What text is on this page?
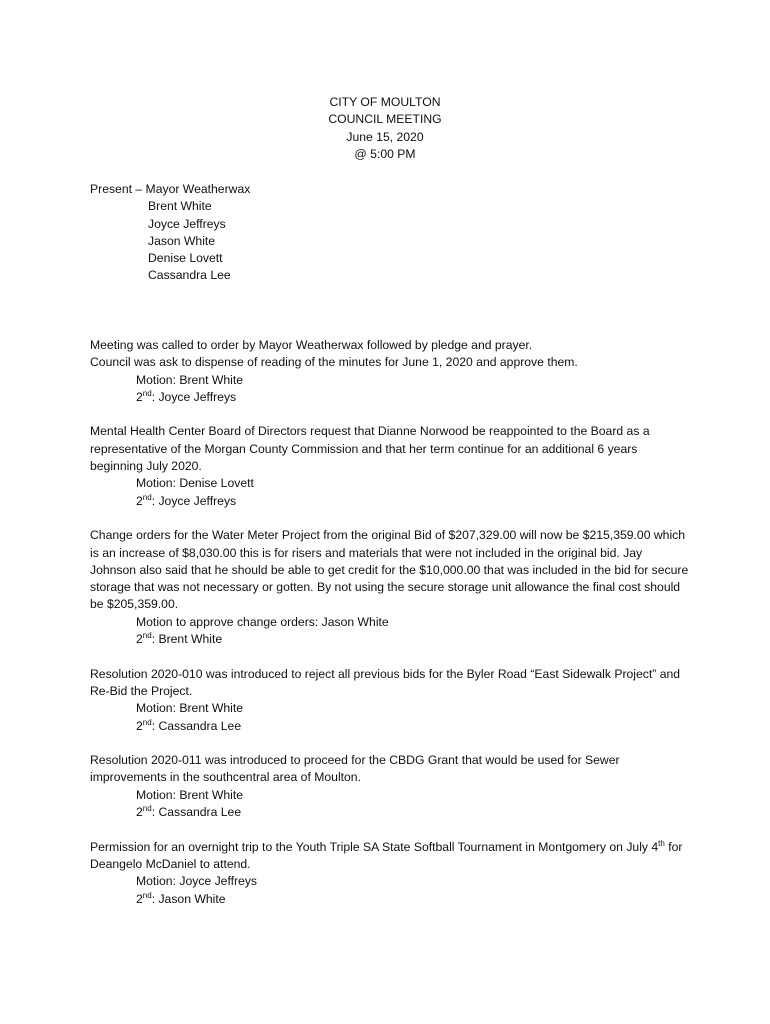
CITY OF MOULTON
COUNCIL MEETING
June 15, 2020
@ 5:00 PM
Present – Mayor Weatherwax
Brent White
Joyce Jeffreys
Jason White
Denise Lovett
Cassandra Lee

Meeting was called to order by Mayor Weatherwax followed by pledge and prayer.

Council was ask to dispense of reading of the minutes for June 1, 2020 and approve them.

Motion: Brent White
2nd: Joyce Jeffreys

Mental Health Center Board of Directors request that Dianne Norwood be reappointed to the Board as a representative of the Morgan County Commission and that her term continue for an additional 6 years beginning July 2020.

Motion: Denise Lovett
2nd: Joyce Jeffreys

Change orders for the Water Meter Project from the original Bid of $207,329.00 will now be $215,359.00 which is an increase of $8,030.00 this is for risers and materials that were not included in the original bid. Jay Johnson also said that he should be able to get credit for the $10,000.00 that was included in the bid for secure storage that was not necessary or gotten. By not using the secure storage unit allowance the final cost should be $205,359.00.

Motion to approve change orders: Jason White
2nd: Brent White

Resolution 2020-010 was introduced to reject all previous bids for the Byler Road “East Sidewalk Project” and Re-Bid the Project.

Motion: Brent White
2nd: Cassandra Lee

Resolution 2020-011 was introduced to proceed for the CBDG Grant that would be used for Sewer improvements in the southcentral area of Moulton.

Motion: Brent White
2nd: Cassandra Lee

Permission for an overnight trip to the Youth Triple SA State Softball Tournament in Montgomery on July 4th for Deangelo McDaniel to attend.

Motion: Joyce Jeffreys
2nd: Jason White
